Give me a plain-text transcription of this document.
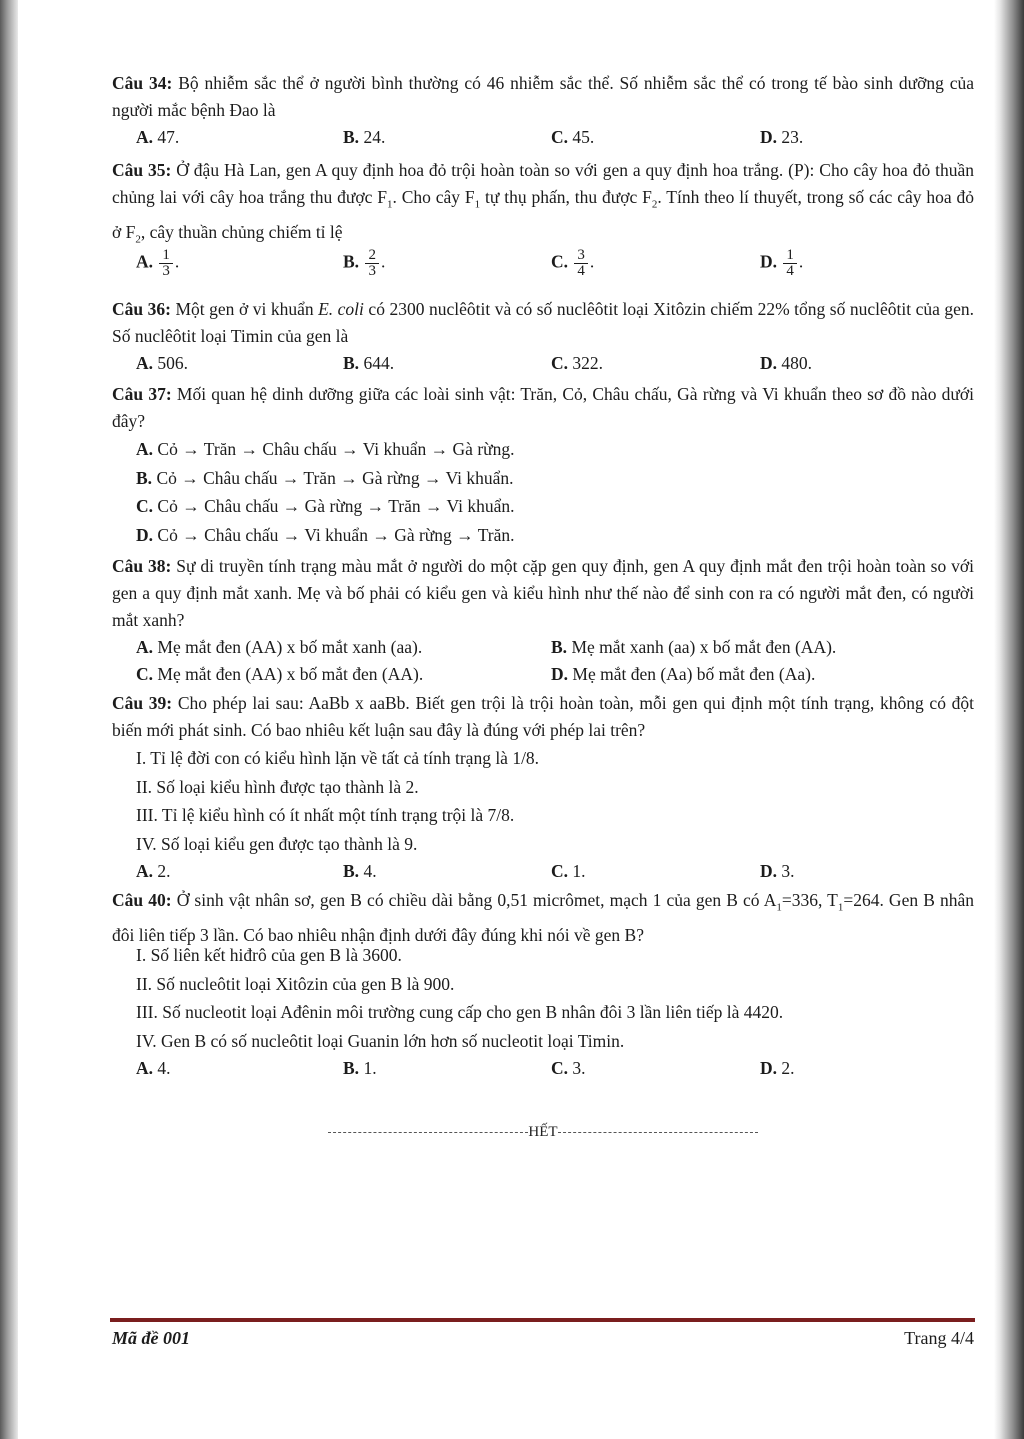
Câu 34: Bộ nhiễm sắc thể ở người bình thường có 46 nhiễm sắc thể. Số nhiễm sắc thể có trong tế bào sinh dưỡng của người mắc bệnh Đao là

A. 47.	B. 24.	C. 45.	D. 23.

Câu 35: Ở đậu Hà Lan, gen A quy định hoa đỏ trội hoàn toàn so với gen a quy định hoa trắng. (P): Cho cây hoa đỏ thuần chủng lai với cây hoa trắng thu được $F_1$. Cho cây $F_1$ tự thụ phấn, thu được $F_2$. Tính theo lí thuyết, trong số các cây hoa đỏ ở $F_2$, cây thuần chủng chiếm tỉ lệ

A. $\frac{1}{3}$ .	B. $\frac{2}{3}$ .	C. $\frac{3}{4}$ .	D. $\frac{1}{4}$ .

Câu 36: Một gen ở vi khuẩn E. coli có 2300 nuclêôtit và có số nuclêôtit loại Xitôzin chiếm 22% tổng số nuclêôtit của gen. Số nuclêôtit loại Timin của gen là

A. 506.	B. 644.	C. 322.	D. 480.

Câu 37: Mối quan hệ dinh dưỡng giữa các loài sinh vật: Trăn, Cỏ, Châu chấu, Gà rừng và Vi khuẩn theo sơ đồ nào dưới đây?

A. Cỏ → Trăn → Châu chấu → Vi khuẩn → Gà rừng.
B. Cỏ → Châu chấu → Trăn → Gà rừng → Vi khuẩn.
C. Cỏ → Châu chấu → Gà rừng → Trăn → Vi khuẩn.
D. Cỏ → Châu chấu → Vi khuẩn → Gà rừng → Trăn.

Câu 38: Sự di truyền tính trạng màu mắt ở người do một cặp gen quy định, gen A quy định mắt đen trội hoàn toàn so với gen a quy định mắt xanh. Mẹ và bố phải có kiểu gen và kiểu hình như thế nào để sinh con ra có người mắt đen, có người mắt xanh?

A. Mẹ mắt đen (AA) x bố mắt xanh (aa).	B. Mẹ mắt xanh (aa) x bố mắt đen (AA).
C. Mẹ mắt đen (AA) x bố mắt đen (AA).	D. Mẹ mắt đen (Aa) bố mắt đen (Aa).

Câu 39: Cho phép lai sau: AaBb x aaBb. Biết gen trội là trội hoàn toàn, mỗi gen qui định một tính trạng, không có đột biến mới phát sinh. Có bao nhiêu kết luận sau đây là đúng với phép lai trên?

I. Tỉ lệ đời con có kiểu hình lặn về tất cả tính trạng là 1/8.
II. Số loại kiểu hình được tạo thành là 2.
III. Tỉ lệ kiểu hình có ít nhất một tính trạng trội là 7/8.
IV. Số loại kiểu gen được tạo thành là 9.
A. 2.	B. 4.	C. 1.	D. 3.

Câu 40: Ở sinh vật nhân sơ, gen B có chiều dài bằng 0,51 micrômet, mạch 1 của gen B có $A_1=336$, $T_1=264$. Gen B nhân đôi liên tiếp 3 lần. Có bao nhiêu nhận định dưới đây đúng khi nói về gen B?

I. Số liên kết hiđrô của gen B là 3600.
II. Số nucleôtit loại Xitôzin của gen B là 900.
III. Số nucleotit loại Ađênin môi trường cung cấp cho gen B nhân đôi 3 lần liên tiếp là 4420.
IV. Gen B có số nucleôtit loại Guanin lớn hơn số nucleotit loại Timin.
A. 4.	B. 1.	C. 3.	D. 2.
HẾT
Mã đề 001	Trang 4/4
